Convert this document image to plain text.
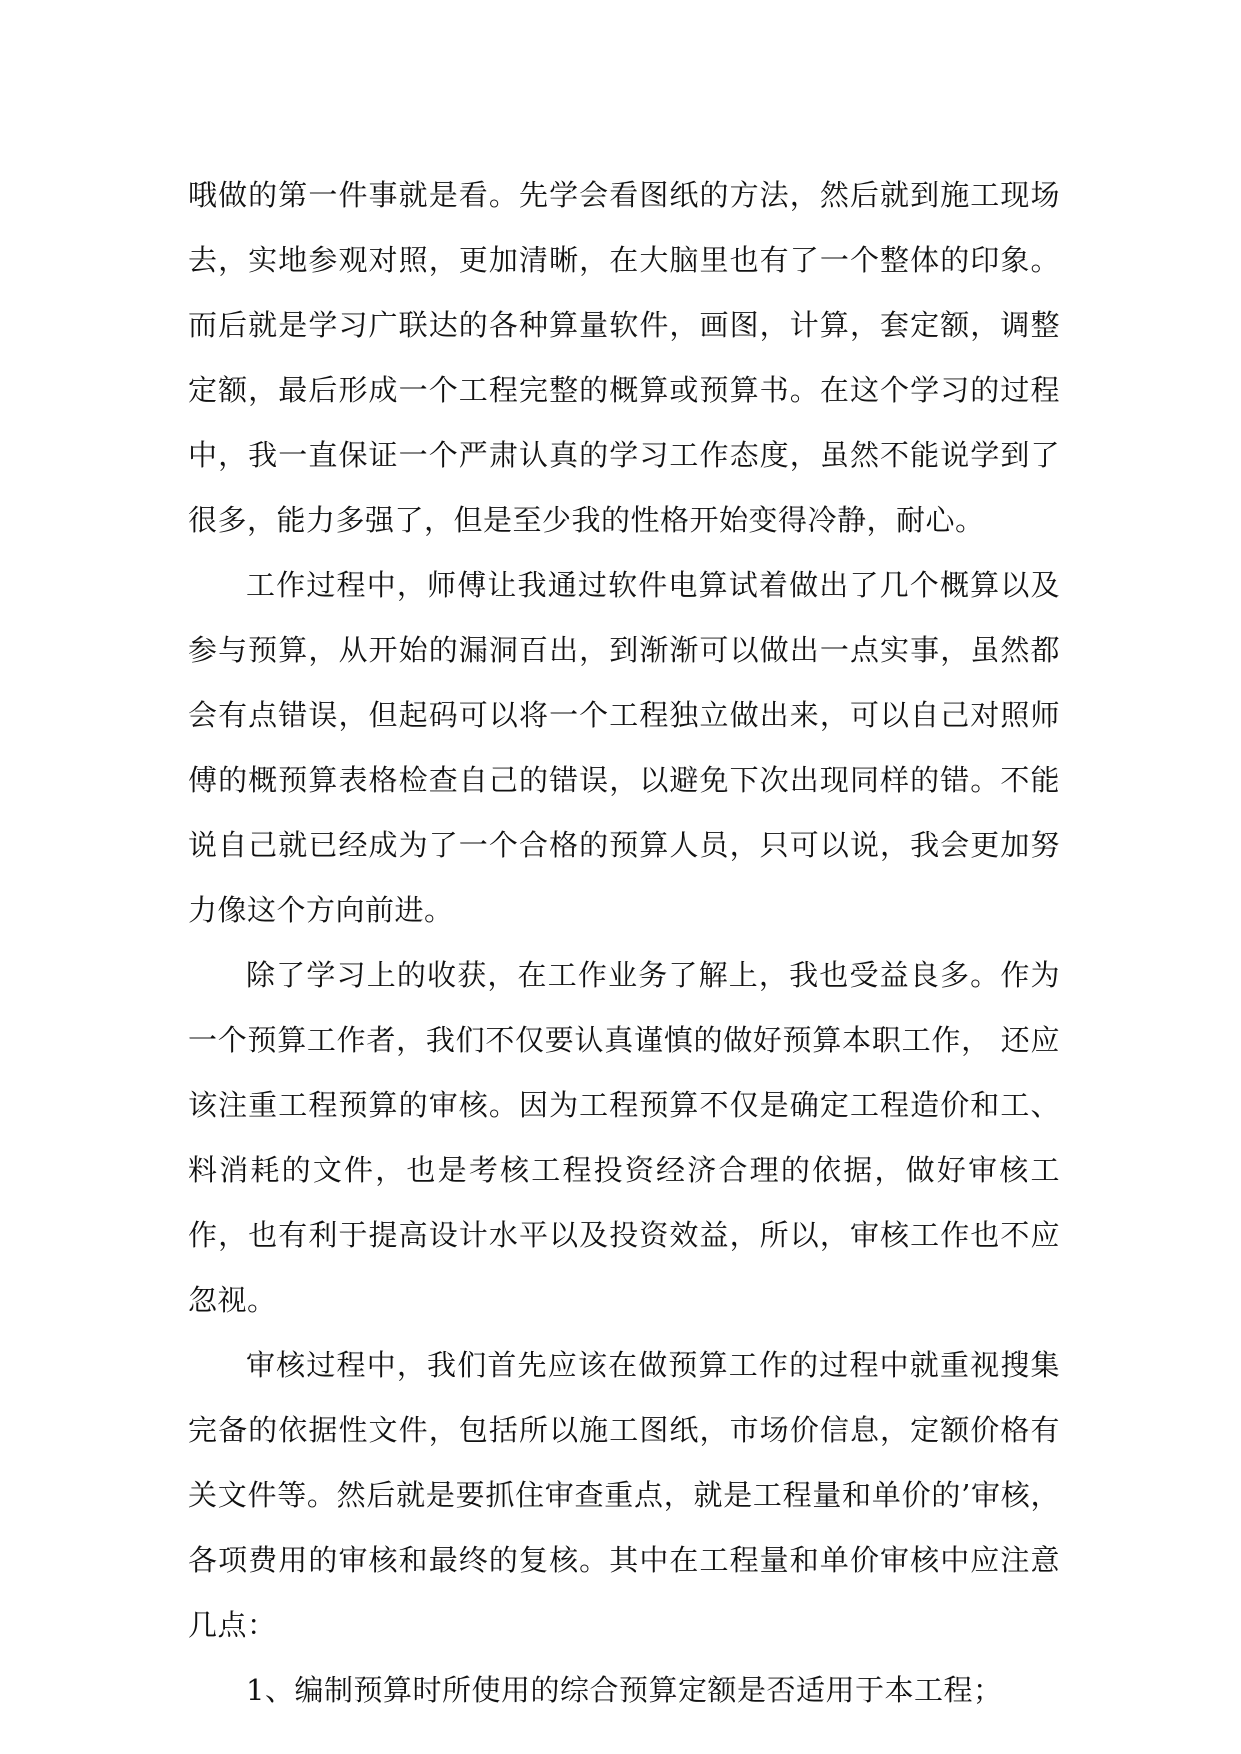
哦做的第一件事就是看。先学会看图纸的方法，然后就到施工现场去，实地参观对照，更加清晰，在大脑里也有了一个整体的印象。而后就是学习广联达的各种算量软件，画图，计算，套定额，调整定额，最后形成一个工程完整的概算或预算书。在这个学习的过程中，我一直保证一个严肃认真的学习工作态度，虽然不能说学到了很多，能力多强了，但是至少我的性格开始变得冷静，耐心。

工作过程中，师傅让我通过软件电算试着做出了几个概算以及参与预算，从开始的漏洞百出，到渐渐可以做出一点实事，虽然都会有点错误，但起码可以将一个工程独立做出来，可以自己对照师傅的概预算表格检查自己的错误，以避免下次出现同样的错。不能说自己就已经成为了一个合格的预算人员，只可以说，我会更加努力像这个方向前进。

除了学习上的收获，在工作业务了解上，我也受益良多。作为一个预算工作者，我们不仅要认真谨慎的做好预算本职工作， 还应该注重工程预算的审核。因为工程预算不仅是确定工程造价和工、料消耗的文件，也是考核工程投资经济合理的依据，做好审核工作，也有利于提高设计水平以及投资效益，所以，审核工作也不应忽视。

审核过程中，我们首先应该在做预算工作的过程中就重视搜集完备的依据性文件，包括所以施工图纸，市场价信息，定额价格有关文件等。然后就是要抓住审查重点，就是工程量和单价的’审核，各项费用的审核和最终的复核。其中在工程量和单价审核中应注意几点：

1、编制预算时所使用的综合预算定额是否适用于本工程；
